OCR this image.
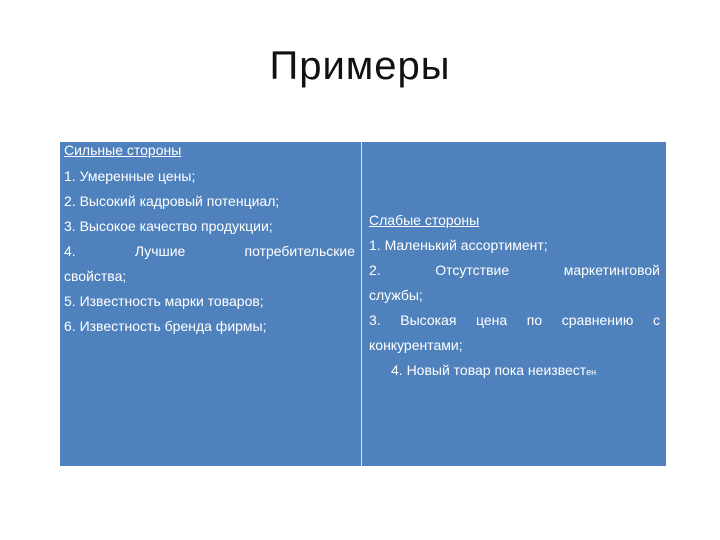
Примеры
Сильные стороны
1. Умеренные цены;
2. Высокий кадровый потенциал;
3. Высокое качество продукции;
4.	Лучшие	потребительские
свойства;
5. Известность марки товаров;
6. Известность бренда фирмы;
Слабые стороны
1. Маленький ассортимент;
2.	Отсутствие	маркетинговой
службы;
3. Высокая цена по сравнению с
конкурентами;
4. Новый товар пока неизвестен
